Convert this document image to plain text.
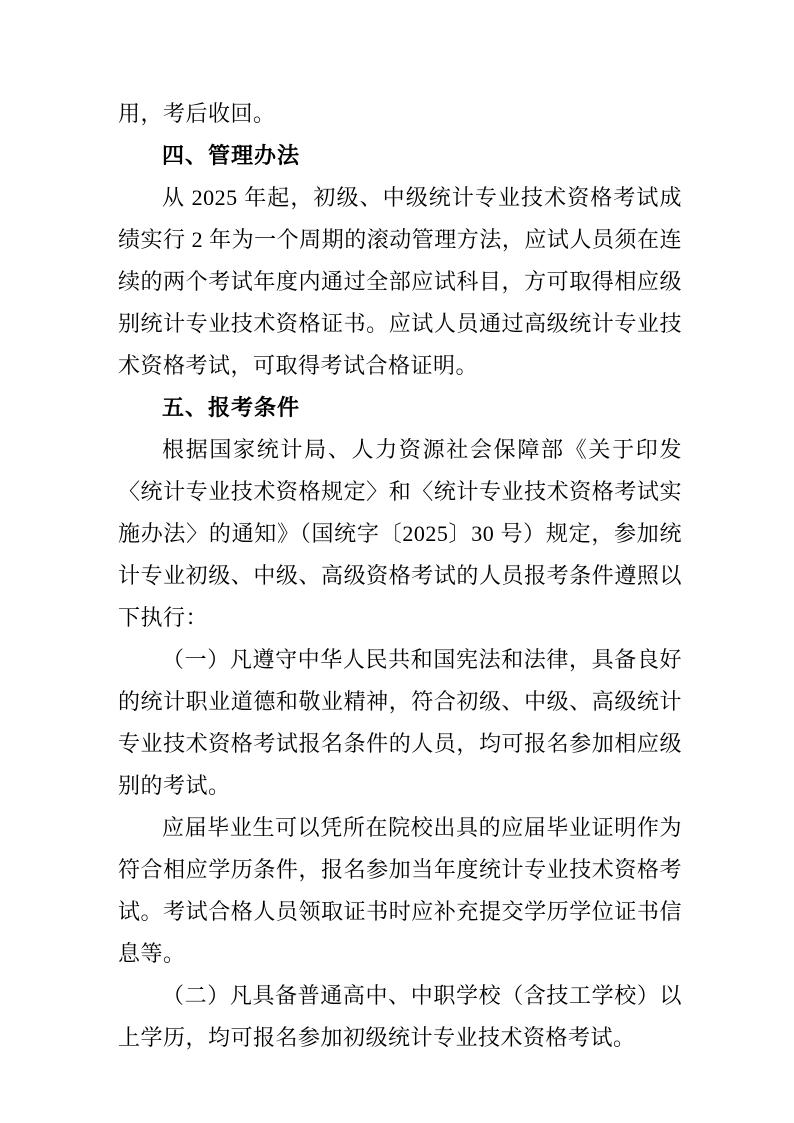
用，考后收回。

四、管理办法

从 2025 年起，初级、中级统计专业技术资格考试成绩实行 2 年为一个周期的滚动管理方法，应试人员须在连续的两个考试年度内通过全部应试科目，方可取得相应级别统计专业技术资格证书。应试人员通过高级统计专业技术资格考试，可取得考试合格证明。

五、报考条件

根据国家统计局、人力资源社会保障部《关于印发〈统计专业技术资格规定〉和〈统计专业技术资格考试实施办法〉的通知》（国统字〔2025〕30 号）规定，参加统计专业初级、中级、高级资格考试的人员报考条件遵照以下执行：

（一）凡遵守中华人民共和国宪法和法律，具备良好的统计职业道德和敬业精神，符合初级、中级、高级统计专业技术资格考试报名条件的人员，均可报名参加相应级别的考试。

应届毕业生可以凭所在院校出具的应届毕业证明作为符合相应学历条件，报名参加当年度统计专业技术资格考试。考试合格人员领取证书时应补充提交学历学位证书信息等。

（二）凡具备普通高中、中职学校（含技工学校）以上学历，均可报名参加初级统计专业技术资格考试。
